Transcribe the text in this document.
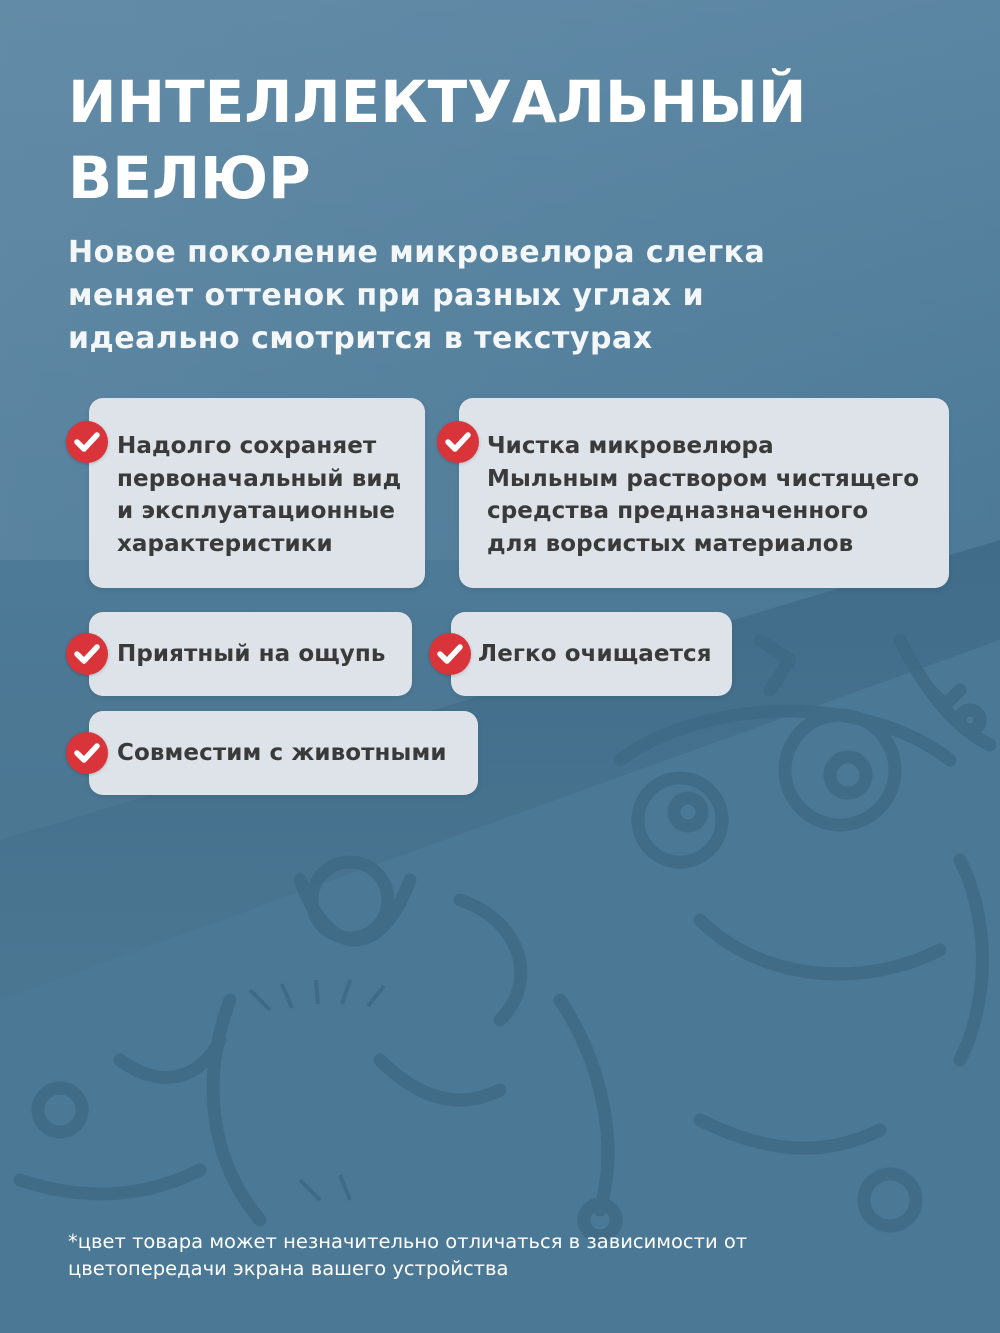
ИНТЕЛЛЕКТУАЛЬНЫЙ
ВЕЛЮР

Новое поколение микровелюра слегка
меняет оттенок при разных углах и
идеально смотрится в текстурах

Надолго сохраняет
первоначальный вид
и эксплуатационные
характеристики
Чистка микровелюра
Мыльным раствором чистящего
средства предназначенного
для ворсистых материалов
Приятный на ощупь	Легко очищается
Совместим с животными

*цвет товара может незначительно отличаться в зависимости от
цветопередачи экрана вашего устройства
